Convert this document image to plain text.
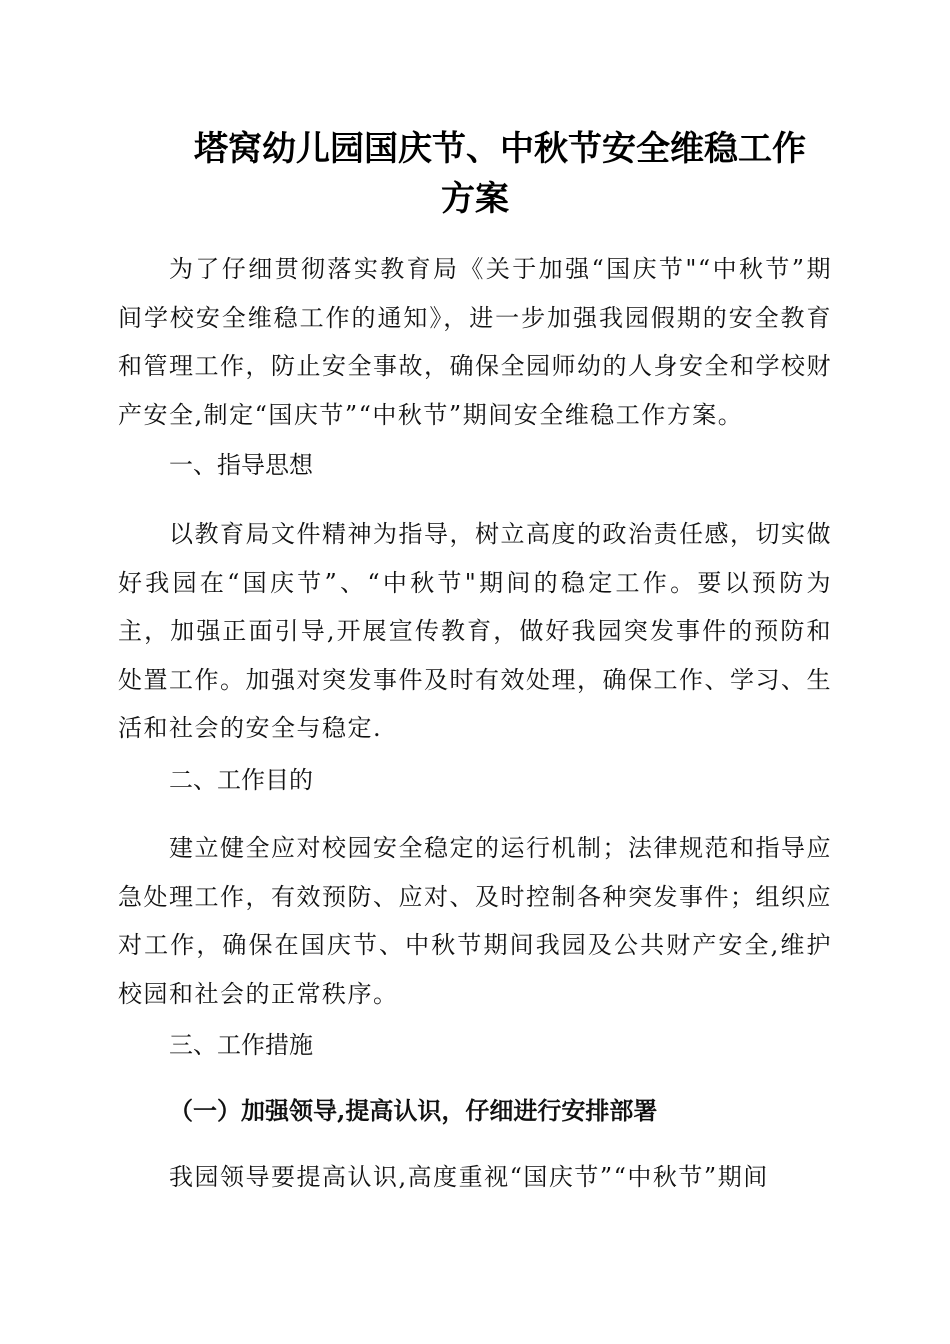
塔窝幼儿园国庆节、中秋节安全维稳工作
方案

为了仔细贯彻落实教育局《关于加强“国庆节"“中秋节”期间学校安全维稳工作的通知》，进一步加强我园假期的安全教育和管理工作，防止安全事故，确保全园师幼的人身安全和学校财产安全,制定“国庆节”“中秋节”期间安全维稳工作方案。

一、指导思想

以教育局文件精神为指导，树立高度的政治责任感，切实做好我园在“国庆节”、“中秋节"期间的稳定工作。要以预防为主，加强正面引导,开展宣传教育，做好我园突发事件的预防和处置工作。加强对突发事件及时有效处理，确保工作、学习、生活和社会的安全与稳定.

二、工作目的

建立健全应对校园安全稳定的运行机制；法律规范和指导应急处理工作，有效预防、应对、及时控制各种突发事件；组织应对工作，确保在国庆节、中秋节期间我园及公共财产安全,维护校园和社会的正常秩序。

三、工作措施
（一）加强领导,提高认识，仔细进行安排部署

我园领导要提高认识,高度重视“国庆节”“中秋节”期间
